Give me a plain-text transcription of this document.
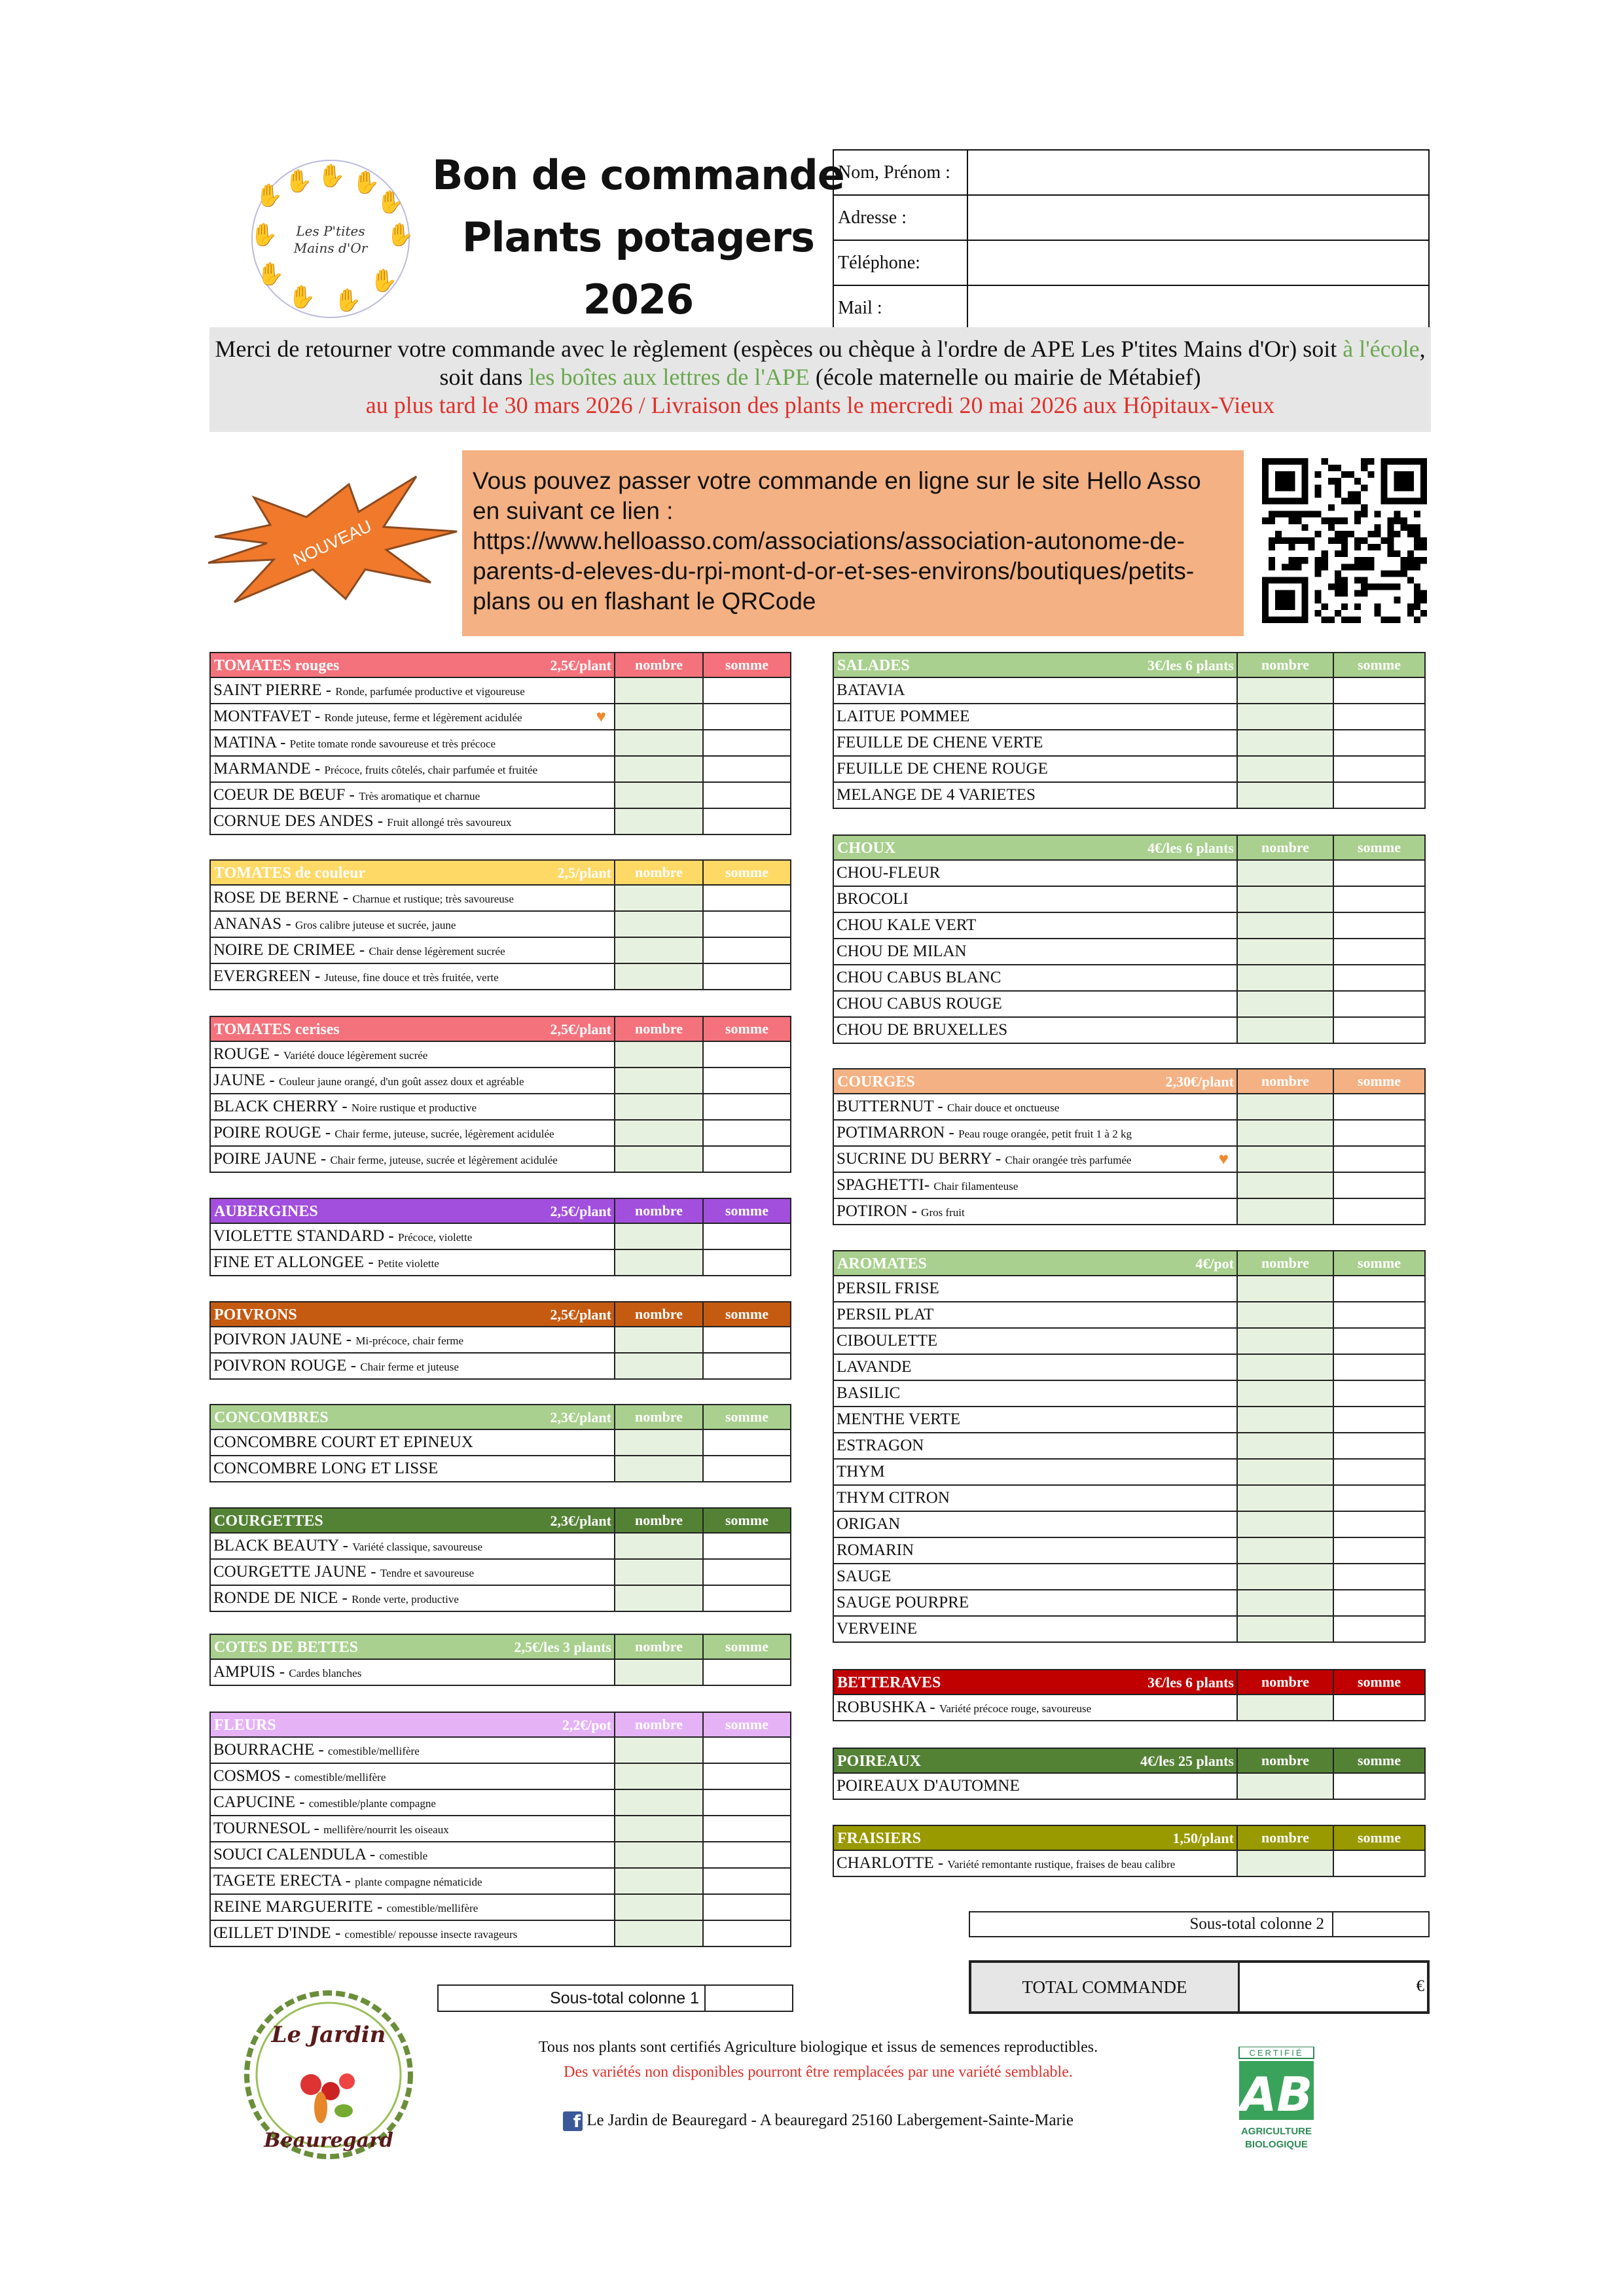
✋
✋ ✋ ✋
✋
✋
✋
✋
✋ ✋
✋
Les P'tites
Mains d'Or
Bon de commande
Plants potagers
2026
Nom, Prénom :	
Adresse :	
Téléphone:	
Mail :	
Merci de retourner votre commande avec le règlement (espèces ou chèque à l'ordre de APE Les P'tites Mains d'Or) soit à l'école, soit dans les boîtes aux lettres de l'APE (école maternelle ou mairie de Métabief)
au plus tard le 30 mars 2026 / Livraison des plants le mercredi 20 mai 2026 aux Hôpitaux-Vieux
NOUVEAU
Vous pouvez passer votre commande en ligne sur le site Hello Asso en suivant ce lien : https://www.helloasso.com/associations/association-autonome-de-parents-d-eleves-du-rpi-mont-d-or-et-ses-environs/boutiques/petits-plans ou en flashant le QRCode
TOMATES rouges 2,5€/plant	nombre	somme
SAINT PIERRE - Ronde, parfumée productive et vigoureuse		
MONTFAVET - Ronde juteuse, ferme et légèrement acidulée ♥		

MATINA - Petite tomate ronde savoureuse et très précoce		
MARMANDE - Précoce, fruits côtelés, chair parfumée et fruitée		
COEUR DE BŒUF - Très aromatique et charnue		
CORNUE DES ANDES - Fruit allongé très savoureux		
TOMATES de couleur 2,5/plant	nombre	somme
ROSE DE BERNE - Charnue et rustique; très savoureuse		
ANANAS - Gros calibre juteuse et sucrée, jaune		
NOIRE DE CRIMEE - Chair dense légèrement sucrée		
EVERGREEN - Juteuse, fine douce et très fruitée, verte		
TOMATES cerises 2,5€/plant	nombre	somme
ROUGE - Variété douce légèrement sucrée		
JAUNE - Couleur jaune orangé, d'un goût assez doux et agréable		
BLACK CHERRY - Noire rustique et productive		
POIRE ROUGE - Chair ferme, juteuse, sucrée, légèrement acidulée		
POIRE JAUNE - Chair ferme, juteuse, sucrée et légèrement acidulée		
AUBERGINES 2,5€/plant	nombre	somme
VIOLETTE STANDARD - Précoce, violette		
FINE ET ALLONGEE - Petite violette		
POIVRONS 2,5€/plant	nombre	somme
POIVRON JAUNE - Mi-précoce, chair ferme		
POIVRON ROUGE - Chair ferme et juteuse		
CONCOMBRES 2,3€/plant	nombre	somme
CONCOMBRE COURT ET EPINEUX		
CONCOMBRE LONG ET LISSE		
COURGETTES 2,3€/plant	nombre	somme
BLACK BEAUTY - Variété classique, savoureuse		
COURGETTE JAUNE - Tendre et savoureuse		
RONDE DE NICE - Ronde verte, productive		
COTES DE BETTES 2,5€/les 3 plants	nombre	somme
AMPUIS - Cardes blanches		
FLEURS 2,2€/pot	nombre	somme
BOURRACHE - comestible/mellifère		
COSMOS - comestible/mellifère		
CAPUCINE - comestible/plante compagne		
TOURNESOL - mellifère/nourrit les oiseaux		
SOUCI CALENDULA - comestible		
TAGETE ERECTA - plante compagne nématicide		
REINE MARGUERITE - comestible/mellifère		
ŒILLET D'INDE - comestible/ repousse insecte ravageurs		
SALADES 3€/les 6 plants	nombre	somme
BATAVIA		
LAITUE POMMEE		
FEUILLE DE CHENE VERTE		
FEUILLE DE CHENE ROUGE		
MELANGE DE 4 VARIETES		
CHOUX 4€/les 6 plants	nombre	somme
CHOU-FLEUR		
BROCOLI		
CHOU KALE VERT		
CHOU DE MILAN		
CHOU CABUS BLANC		
CHOU CABUS ROUGE		
CHOU DE BRUXELLES		
COURGES 2,30€/plant	nombre	somme
BUTTERNUT - Chair douce et onctueuse		
POTIMARRON - Peau rouge orangée, petit fruit 1 à 2 kg		
SUCRINE DU BERRY - Chair orangée très parfumée ♥		

SPAGHETTI- Chair filamenteuse		
POTIRON - Gros fruit		
AROMATES 4€/pot	nombre	somme
PERSIL FRISE		
PERSIL PLAT		
CIBOULETTE		
LAVANDE		
BASILIC		
MENTHE VERTE		
ESTRAGON		
THYM		
THYM CITRON		
ORIGAN		
ROMARIN		
SAUGE		
SAUGE POURPRE		
VERVEINE		
BETTERAVES 3€/les 6 plants	nombre	somme
ROBUSHKA - Variété précoce rouge, savoureuse		
POIREAUX 4€/les 25 plants	nombre	somme
POIREAUX D'AUTOMNE		
FRAISIERS 1,50/plant	nombre	somme
CHARLOTTE - Variété remontante rustique, fraises de beau calibre		
Sous-total colonne 2
TOTAL COMMANDE	€
Sous-total colonne 1
Le Jardin
Beauregard
Tous nos plants sont certifiés Agriculture biologique et issus de semences reproductibles.
Des variétés non disponibles pourront être remplacées par une variété semblable.
f Le Jardin de Beauregard - A beauregard 25160 Labergement-Sainte-Marie
CERTIFIÉ
AB
AGRICULTURE
BIOLOGIQUE
